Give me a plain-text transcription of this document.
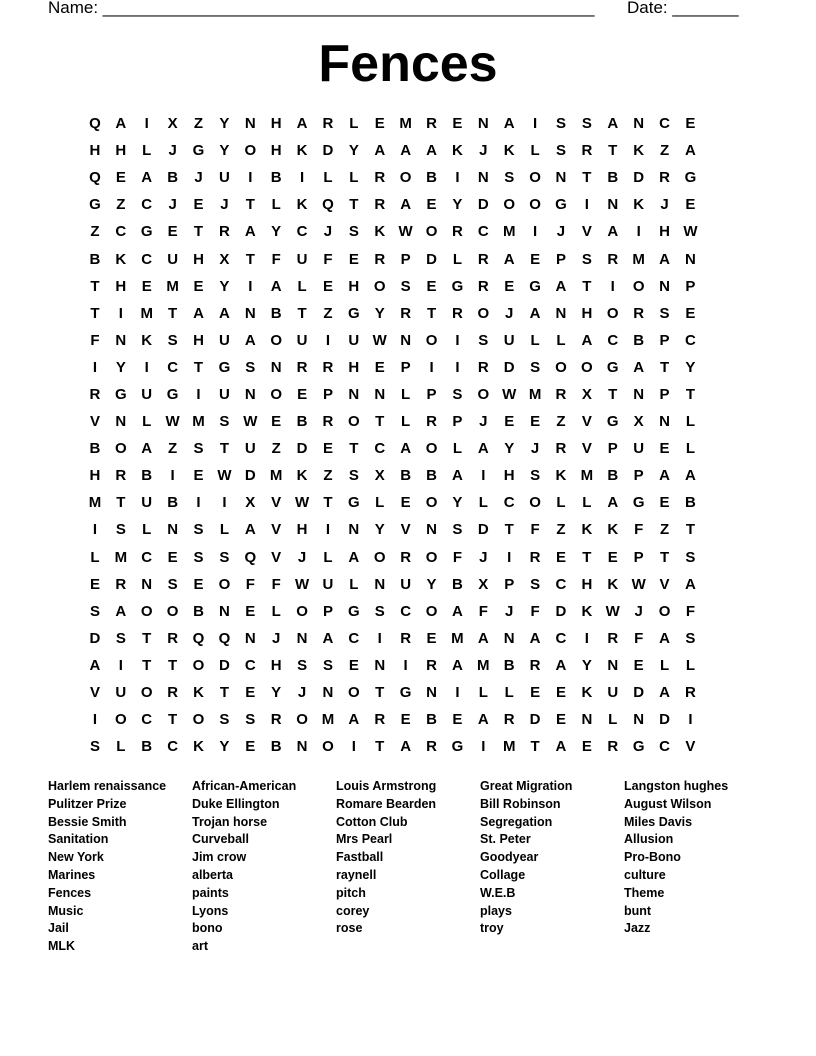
Name: ____________________________________________________ Date: _______
Fences
Q A	I	X	Z	Y	N	H	A	R	L	E M R	E	N	A	I	S	S	A	N	C	E
H	H	L	J	G	Y	O H	K	D	Y	A	A	A	K	J	K	L	S	R	T	K	Z	A
Q	E	A	B	J	U	I	B	I	L	L	R O B	I	N	S	O N	T	B	D	R G
G	Z	C	J	E	J	T	L	K Q	T	R	A	E	Y	D O O G	I	N	K	J	E
Z	C G	E	T	R	A	Y	C	J	S	K W O R	C M	I	J	V	A	I	H W
B	K	C	U	H	X	T	F	U	F	E	R	P	D	L	R	A	E	P	S	R M A	N
T	H	E M E	Y	I	A	L	E	H O	S	E	G R	E	G A	T	I	O N	P
T	I	M	T	A	A	N	B	T	Z	G	Y	R	T	R O	J	A	N	H O R	S	E
F	N	K	S	H	U	A O U	I	U W N O	I	S	U	L	L	A	C	B	P	C
I	Y	I	C	T	G	S	N	R	R	H	E	P	I	I	R	D	S	O O G A	T	Y
R G U G	I	U	N O	E	P	N	N	L	P	S	O W M R	X	T	N	P	T
V	N	L W M S W E	B	R O	T	L	R	P	J	E	E	Z	V	G	X	N	L
B O A	Z	S	T	U	Z	D	E	T	C	A O	L	A	Y	J	R	V	P	U	E	L
H	R	B	I	E W D M K	Z	S	X	B	B	A	I	H	S	K M B	P	A	A
M	T	U	B	I	I	X	V W T	G	L	E	O	Y	L	C O	L	L	A G	E	B
I	S	L	N	S	L	A	V	H	I	N	Y	V	N	S	D	T	F	Z	K	K	F	Z	T
L	M C	E	S	S	Q	V	J	L	A O R O	F	J	I	R	E	T	E	P	T	S
E	R	N	S	E	O	F	F W U	L	N	U	Y	B	X	P	S	C	H	K W V	A
S	A O O B	N	E	L	O	P	G	S	C O A	F	J	F	D	K W J	O	F
D	S	T	R Q Q N	J	N	A	C	I	R	E M A	N	A	C	I	R	F	A	S
A	I	T	T	O D	C	H	S	S	E	N	I	R	A M B	R	A	Y	N	E	L	L
V	U O R	K	T	E	Y	J	N O	T	G N	I	L	L	E	E	K	U	D	A	R
I	O C	T	O	S	S	R O M A	R	E	B	E	A	R	D	E	N	L	N	D	I
S	L	B	C	K	Y	E	B	N O	I	T	A	R G	I	M	T	A	E	R G C	V
Harlem renaissance
Pulitzer Prize
Bessie Smith
Sanitation
New York
Marines
Fences
Music
Jail
MLK
African-American
Duke Ellington
Trojan horse
Curveball
Jim crow
alberta
paints
Lyons
bono
art
Louis Armstrong
Romare Bearden
Cotton Club
Mrs Pearl
Fastball
raynell
pitch
corey
rose
Great Migration
Bill Robinson
Segregation
St. Peter
Goodyear
Collage
W.E.B
plays
troy
Langston hughes
August Wilson
Miles Davis
Allusion
Pro-Bono
culture
Theme
bunt
Jazz
